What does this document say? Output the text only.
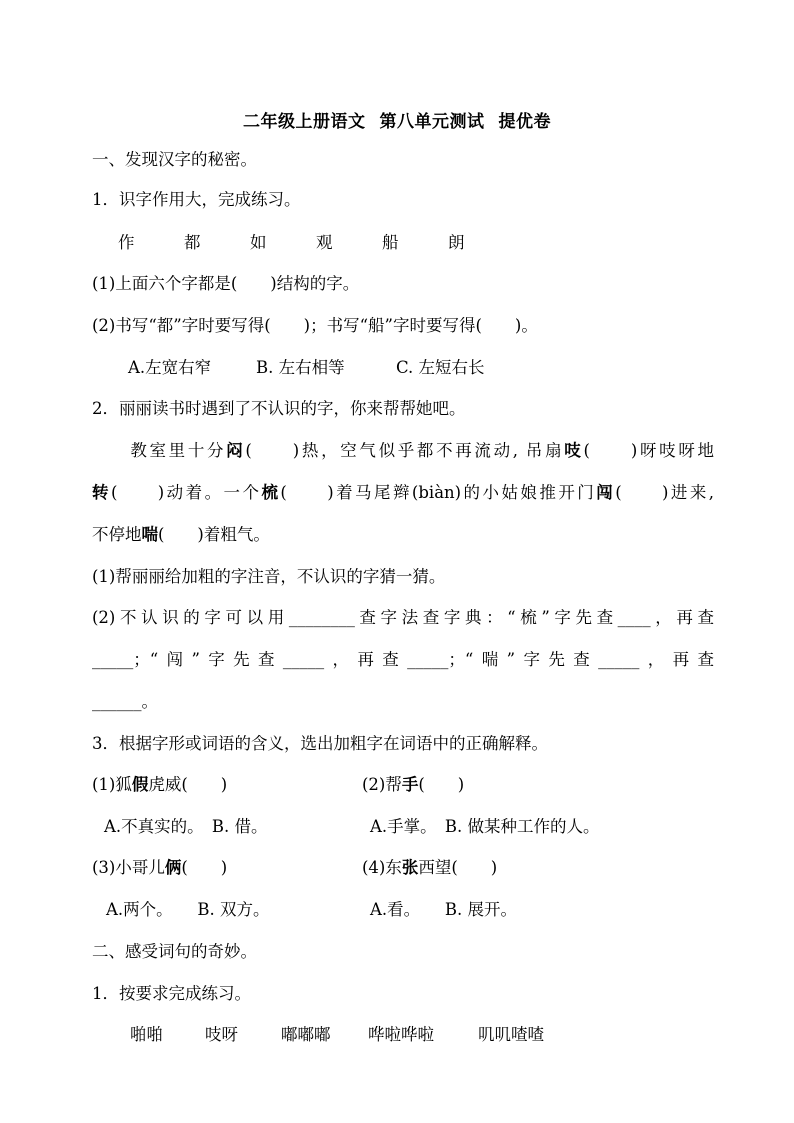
二年级上册语文 第八单元测试 提优卷
一、发现汉字的秘密。
1．识字作用大，完成练习。
作	都	如	观	船	朗
(1)上面六个字都是(　　)结构的字。
(2)书写“都”字时要写得(　　)；书写“船”字时要写得(　　)。
A.左宽右窄	B. 左右相等	C. 左短右长
2．丽丽读书时遇到了不认识的字，你来帮帮她吧。
　　教室里十分闷(　　)热，空气似乎都不再流动, 吊扇吱(　　)呀吱呀地
转(　　)动着。一个梳(　　)着马尾辫(biàn)的小姑娘推开门闯(　　)进来,
不停地喘(　　)着粗气。
(1)帮丽丽给加粗的字注音，不认识的字猜一猜。
(2)不认识的字可以用________查字法查字典：“梳”字先查____，再查
_____；“闯”字先查_____，再查_____；“喘”字先查_____，再查
______。
3．根据字形或词语的含义，选出加粗字在词语中的正确解释。
(1)狐假虎威(　　)	(2)帮手(　　)
A.不真实的。　B. 借。	A.手掌。　B. 做某种工作的人。
(3)小哥儿俩(　　)	(4)东张西望(　　)
A.两个。　　B. 双方。	A.看。　　B. 展开。
二、感受词句的奇妙。
1．按要求完成练习。
啪啪	吱呀	嘟嘟嘟 哗啦哗啦	叽叽喳喳
